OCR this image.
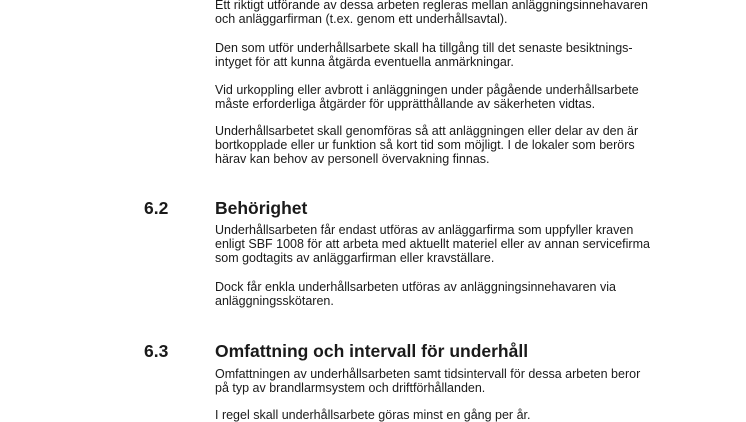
Ett riktigt utförande av dessa arbeten regleras mellan anläggningsinnehavaren
och anläggarfirman (t.ex. genom ett underhållsavtal).

Den som utför underhållsarbete skall ha tillgång till det senaste besiktnings-
intyget för att kunna åtgärda eventuella anmärkningar.

Vid urkoppling eller avbrott i anläggningen under pågående underhållsarbete
måste erforderliga åtgärder för upprätthållande av säkerheten vidtas.

Underhållsarbetet skall genomföras så att anläggningen eller delar av den är
bortkopplade eller ur funktion så kort tid som möjligt. I de lokaler som berörs
härav kan behov av personell övervakning finnas.

6.2	Behörighet

Underhållsarbeten får endast utföras av anläggarfirma som uppfyller kraven
enligt SBF 1008 för att arbeta med aktuellt materiel eller av annan servicefirma
som godtagits av anläggarfirman eller kravställare.

Dock får enkla underhållsarbeten utföras av anläggningsinnehavaren via
anläggningsskötaren.

6.3	Omfattning och intervall för underhåll

Omfattningen av underhållsarbeten samt tidsintervall för dessa arbeten beror
på typ av brandlarmsystem och driftförhållanden.

I regel skall underhållsarbete göras minst en gång per år.
